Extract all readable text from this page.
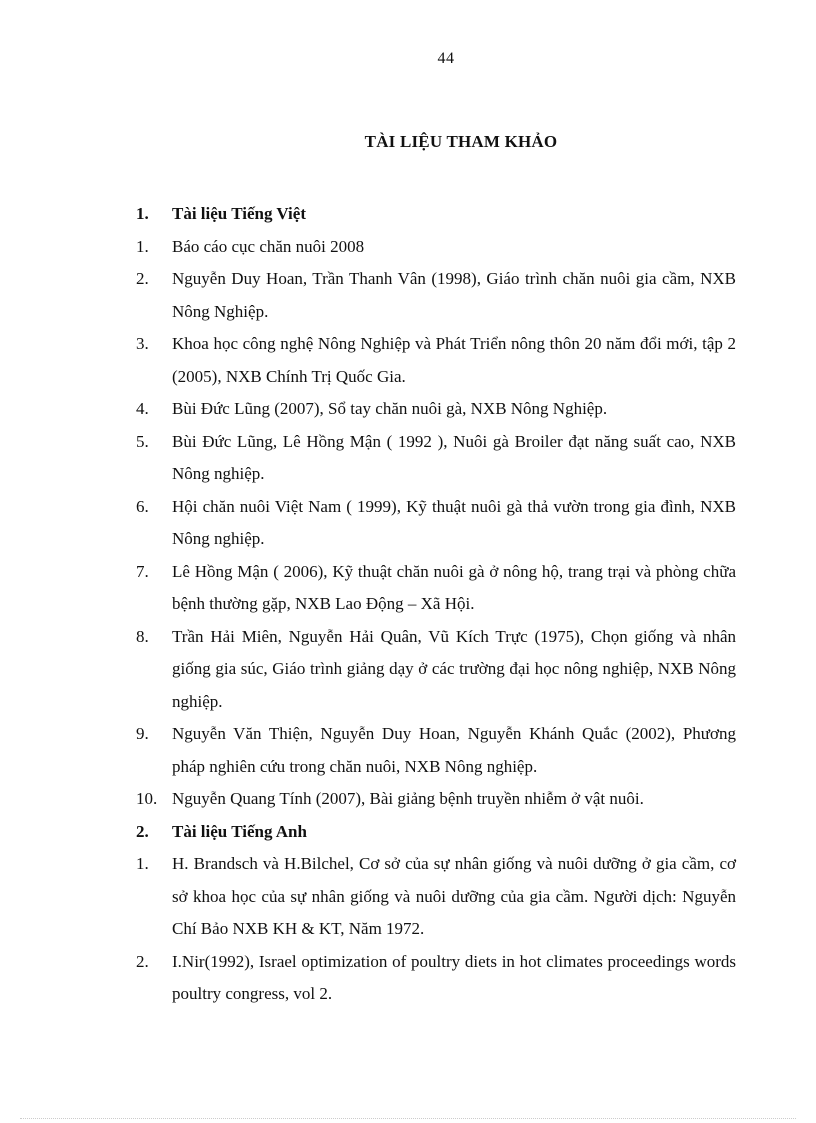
44
TÀI LIỆU THAM KHẢO
1.	Tài liệu Tiếng Việt
1.	Báo cáo cục chăn nuôi 2008
2.	Nguyễn Duy Hoan, Trần Thanh Vân (1998), Giáo trình chăn nuôi gia cầm, NXB Nông Nghiệp.
3.	Khoa học công nghệ Nông Nghiệp và Phát Triển nông thôn 20 năm đổi mới, tập 2 (2005), NXB Chính Trị Quốc Gia.
4.	Bùi Đức Lũng (2007), Sổ tay chăn nuôi gà, NXB Nông Nghiệp.
5.	Bùi Đức Lũng, Lê Hồng Mận ( 1992 ), Nuôi gà Broiler đạt năng suất cao, NXB Nông nghiệp.
6.	Hội chăn nuôi Việt Nam ( 1999), Kỹ thuật nuôi gà thả vườn trong gia đình, NXB Nông nghiệp.
7.	Lê Hồng Mận ( 2006), Kỹ thuật chăn nuôi gà ở nông hộ, trang trại và phòng chữa bệnh thường gặp, NXB Lao Động – Xã Hội.
8.	Trần Hải Miên, Nguyễn Hải Quân, Vũ Kích Trực (1975), Chọn giống và nhân giống gia súc, Giáo trình giảng dạy ở các trường đại học nông nghiệp, NXB Nông nghiệp.
9.	Nguyễn Văn Thiện, Nguyễn Duy Hoan, Nguyễn Khánh Quắc (2002), Phương pháp nghiên cứu trong chăn nuôi, NXB Nông nghiệp.
10. Nguyễn Quang Tính (2007), Bài giảng bệnh truyền nhiễm ở vật nuôi.
2.	Tài liệu Tiếng Anh
1.	H. Brandsch và H.Bilchel, Cơ sở của sự nhân giống và nuôi dưỡng ở gia cầm, cơ sở khoa học của sự nhân giống và nuôi dưỡng của gia cầm. Người dịch: Nguyễn Chí Bảo NXB KH & KT, Năm 1972.
2.	I.Nir(1992), Israel optimization of poultry diets in hot climates proceedings words poultry congress, vol 2.
